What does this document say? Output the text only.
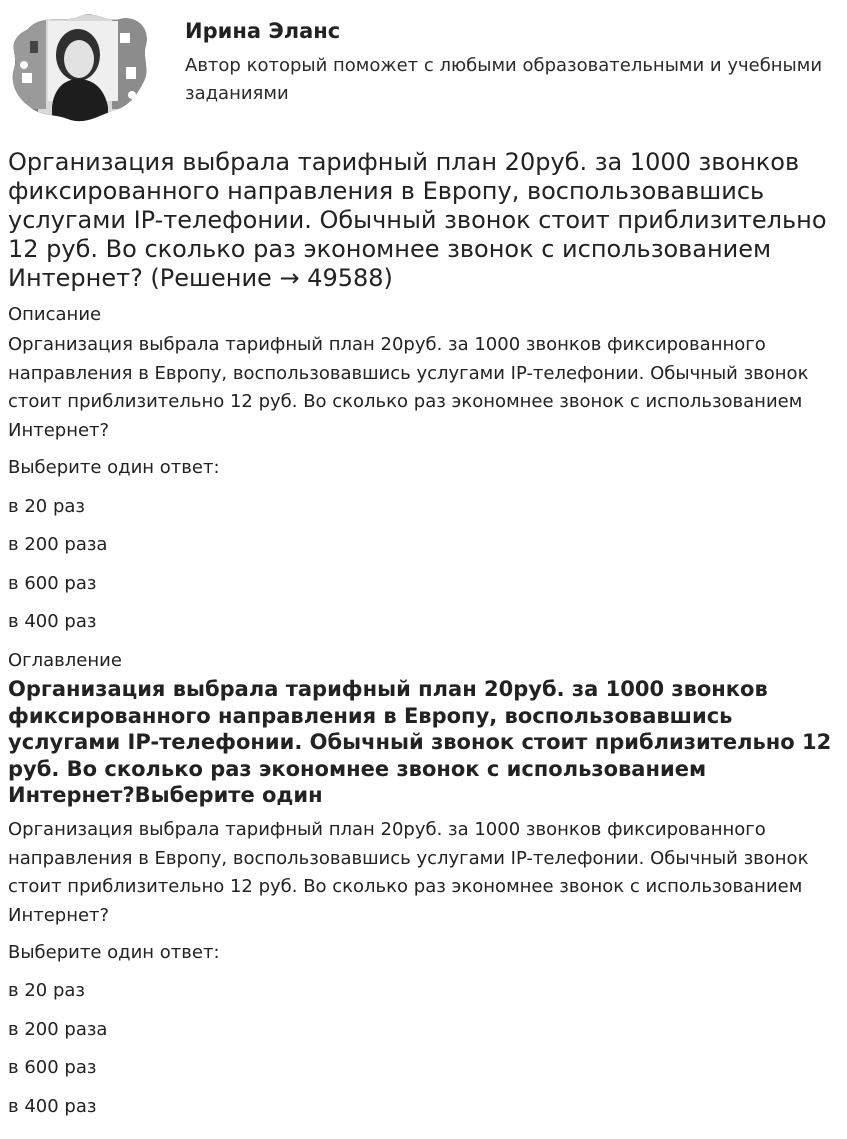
Ирина Эланс
Автор который поможет с любыми образовательными и учебными заданиями
Организация выбрала тарифный план 20руб. за 1000 звонков фиксированного направления в Европу, воспользовавшись услугами IP-телефонии. Обычный звонок стоит приблизительно 12 руб. Во сколько раз экономнее звонок с использованием Интернет? (Решение → 49588)
Описание
Организация выбрала тарифный план 20руб. за 1000 звонков фиксированного направления в Европу, воспользовавшись услугами IP-телефонии. Обычный звонок стоит приблизительно 12 руб. Во сколько раз экономнее звонок с использованием Интернет?
Выберите один ответ:
в 20 раз
в 200 раза
в 600 раз
в 400 раз
Оглавление
Организация выбрала тарифный план 20руб. за 1000 звонков фиксированного направления в Европу, воспользовавшись услугами IP-телефонии. Обычный звонок стоит приблизительно 12 руб. Во сколько раз экономнее звонок с использованием Интернет?Выберите один
Организация выбрала тарифный план 20руб. за 1000 звонков фиксированного направления в Европу, воспользовавшись услугами IP-телефонии. Обычный звонок стоит приблизительно 12 руб. Во сколько раз экономнее звонок с использованием Интернет?
Выберите один ответ:
в 20 раз
в 200 раза
в 600 раз
в 400 раз
